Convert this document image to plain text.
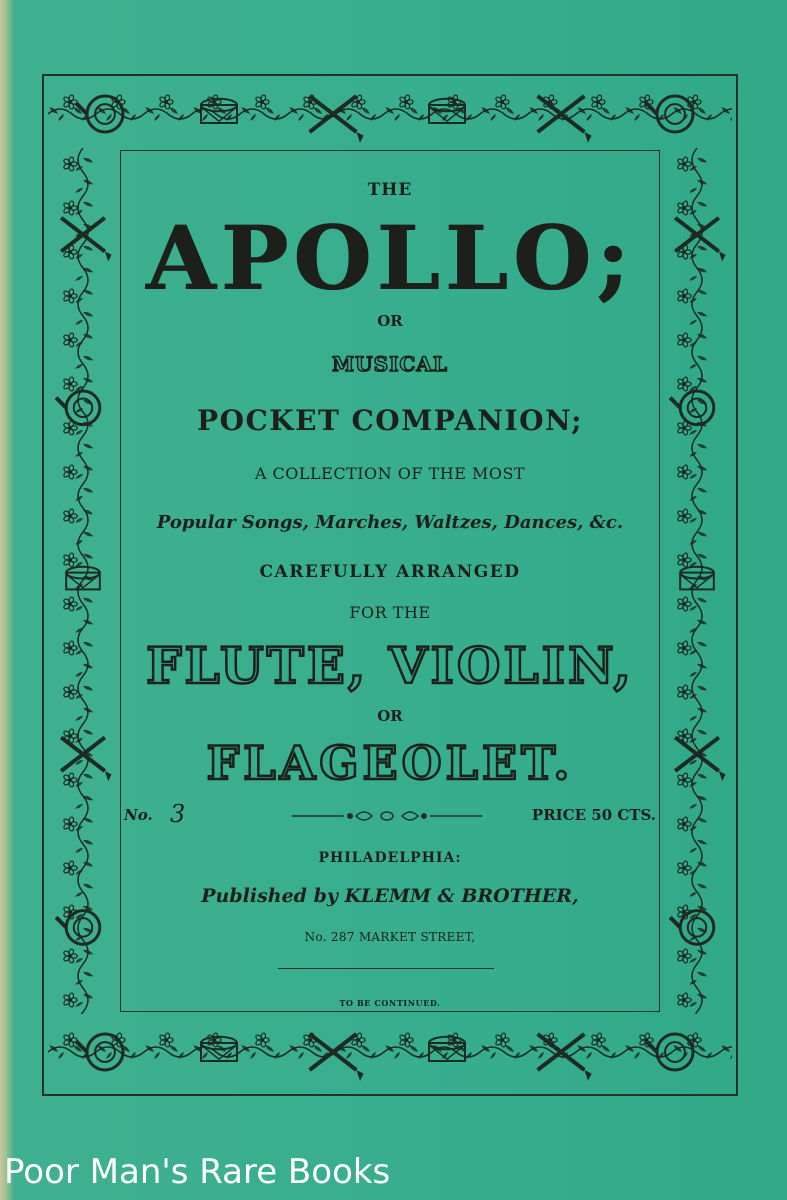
THE
APOLLO;
OR
MUSICAL
POCKET COMPANION;
A COLLECTION OF THE MOST
Popular Songs, Marches, Waltzes, Dances, &c.
CAREFULLY ARRANGED
FOR THE
FLUTE, VIOLIN,
OR
FLAGEOLET.
No. 3	PRICE 50 CTS.
PHILADELPHIA:
Published by KLEMM & BROTHER,
No. 287 MARKET STREET,
TO BE CONTINUED.
Poor Man's Rare Books
